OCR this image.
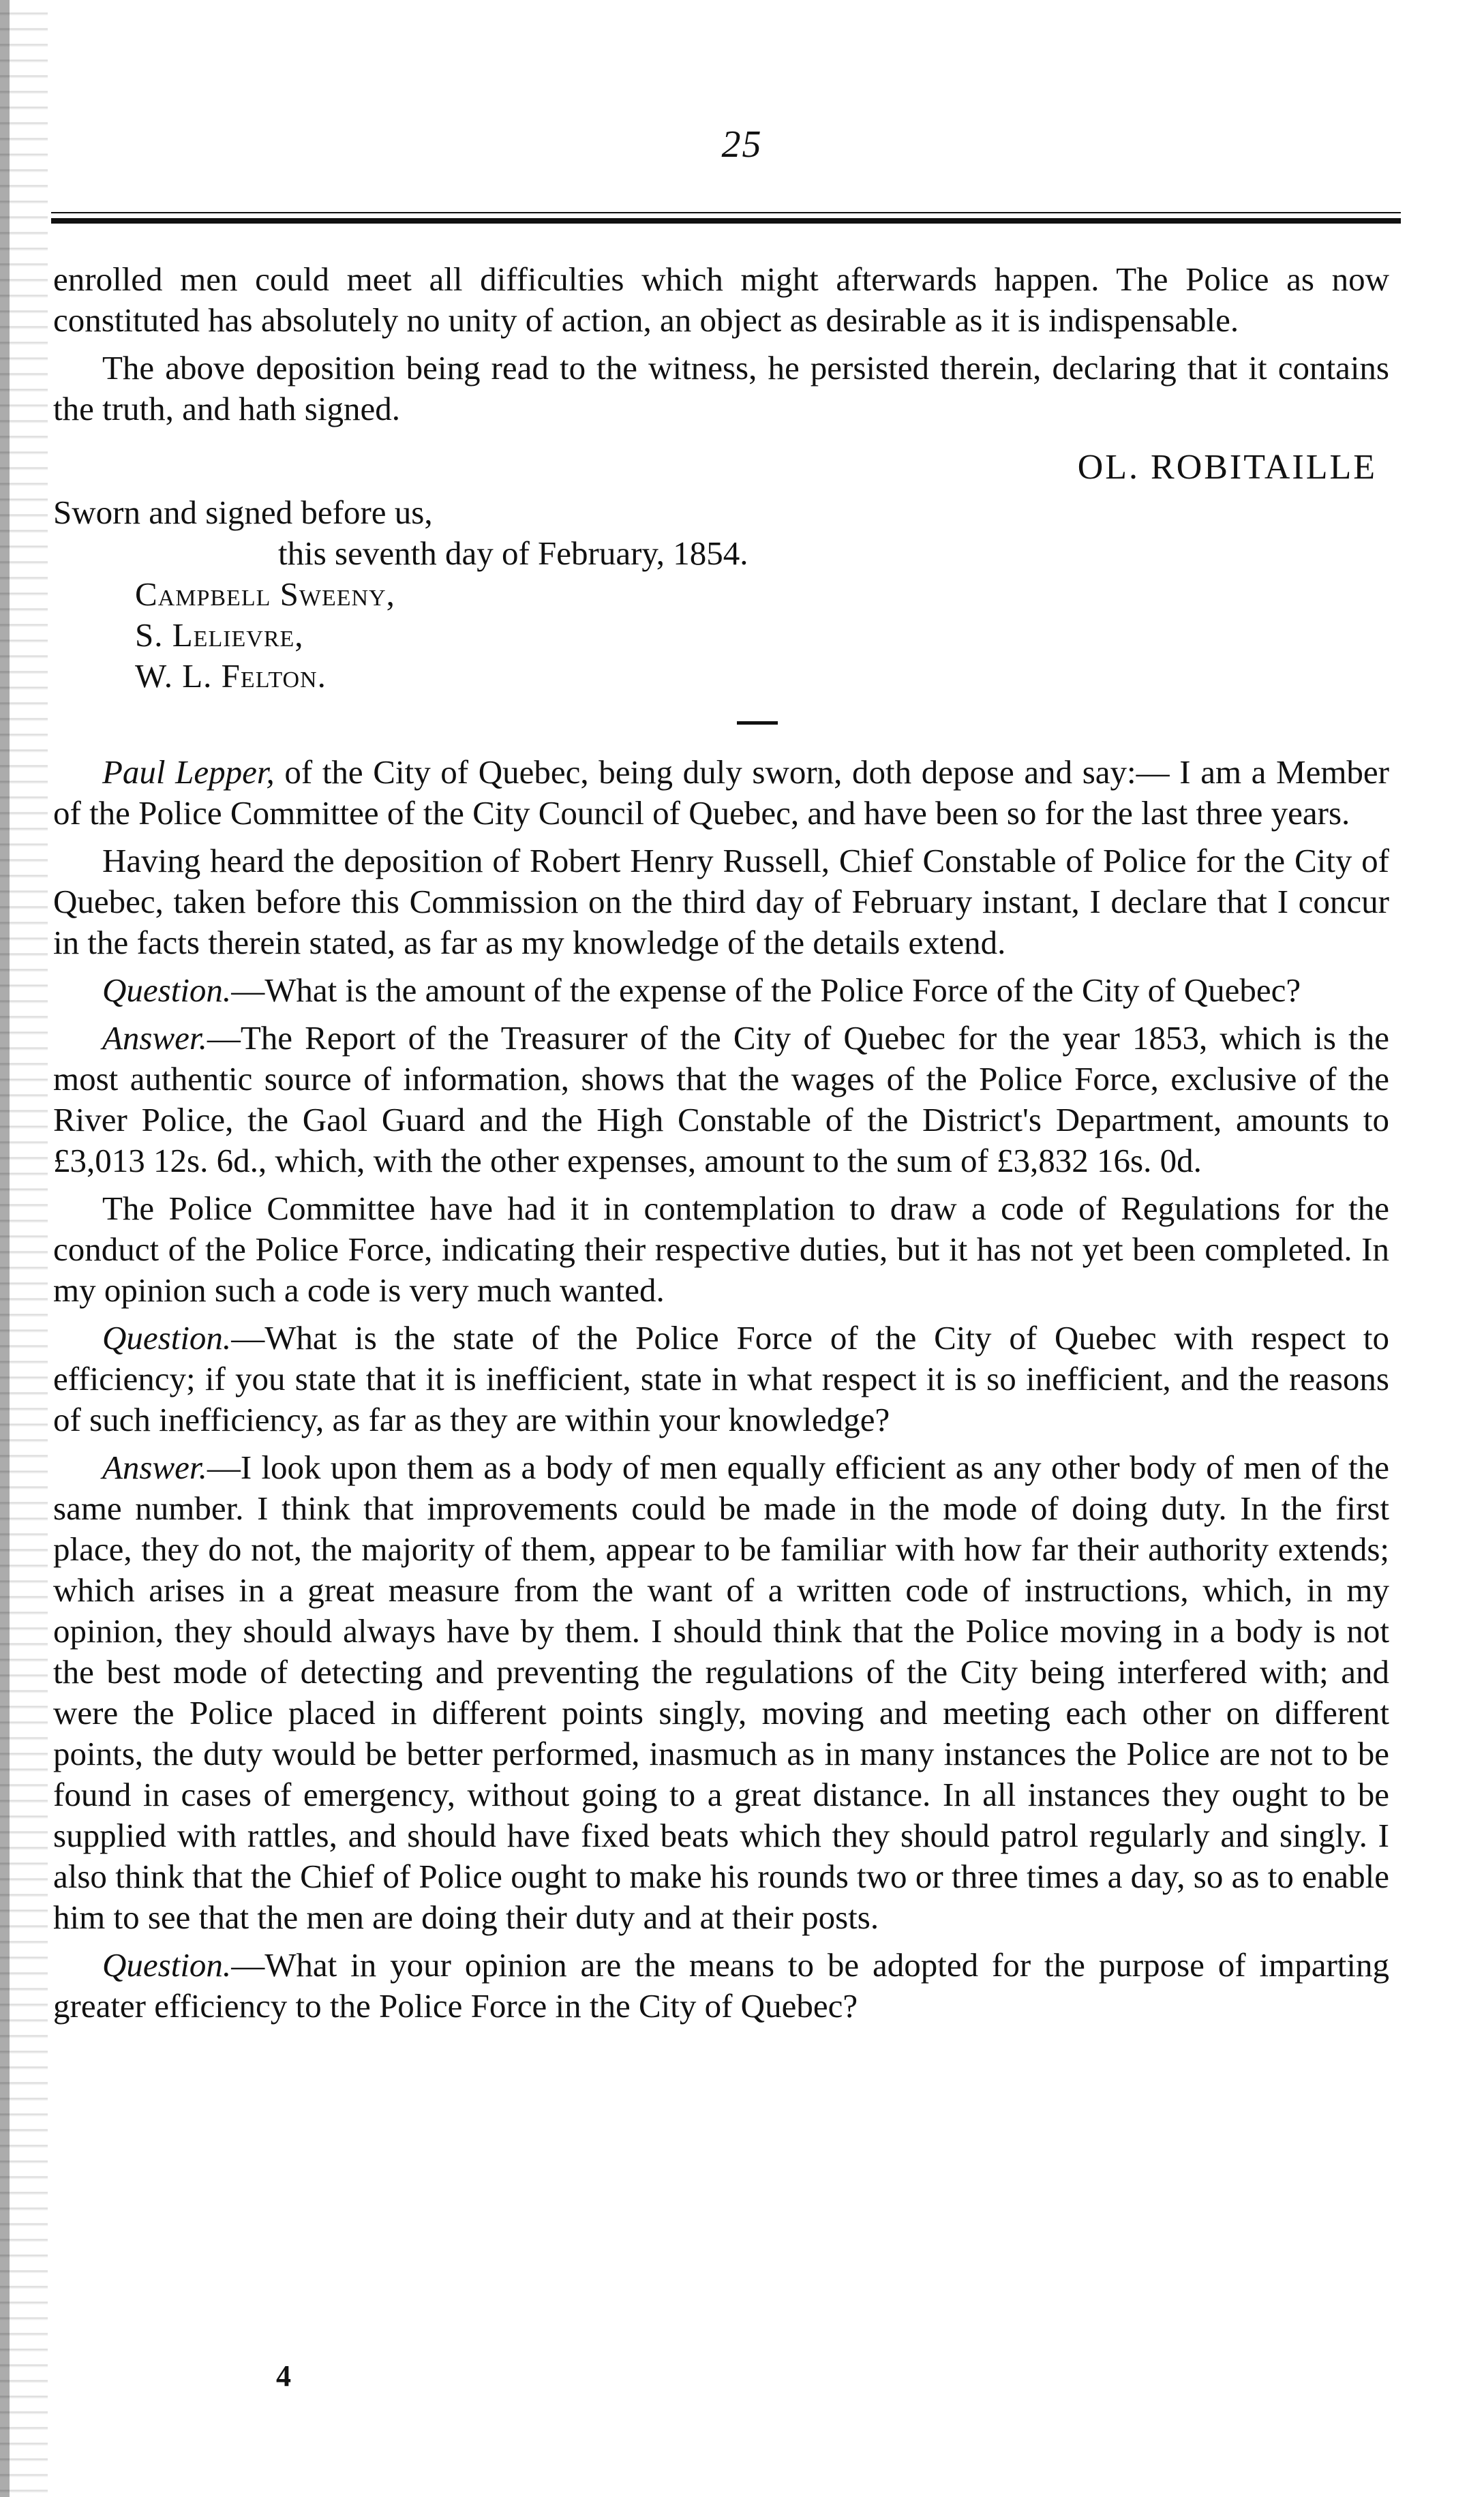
25

enrolled men could meet all difficulties which might afterwards happen. The Police as now constituted has absolutely no unity of action, an object as desirable as it is indispensable.

The above deposition being read to the witness, he persisted therein, declaring that it contains the truth, and hath signed.

OL. ROBITAILLE

Sworn and signed before us,

this seventh day of February, 1854.

Campbell Sweeny,

S. Lelievre,

W. L. Felton.

Paul Lepper, of the City of Quebec, being duly sworn, doth depose and say:— I am a Member of the Police Committee of the City Council of Quebec, and have been so for the last three years.

Having heard the deposition of Robert Henry Russell, Chief Constable of Police for the City of Quebec, taken before this Commission on the third day of February instant, I declare that I concur in the facts therein stated, as far as my knowledge of the details extend.

Question.—What is the amount of the expense of the Police Force of the City of Quebec?

Answer.—The Report of the Treasurer of the City of Quebec for the year 1853, which is the most authentic source of information, shows that the wages of the Police Force, exclusive of the River Police, the Gaol Guard and the High Constable of the District's Department, amounts to £3,013 12s. 6d., which, with the other expenses, amount to the sum of £3,832 16s. 0d.

The Police Committee have had it in contemplation to draw a code of Regulations for the conduct of the Police Force, indicating their respective duties, but it has not yet been completed. In my opinion such a code is very much wanted.

Question.—What is the state of the Police Force of the City of Quebec with respect to efficiency; if you state that it is inefficient, state in what respect it is so inefficient, and the reasons of such inefficiency, as far as they are within your knowledge?

Answer.—I look upon them as a body of men equally efficient as any other body of men of the same number. I think that improvements could be made in the mode of doing duty. In the first place, they do not, the majority of them, appear to be familiar with how far their authority extends; which arises in a great measure from the want of a written code of instructions, which, in my opinion, they should always have by them. I should think that the Police moving in a body is not the best mode of detecting and preventing the regulations of the City being interfered with; and were the Police placed in different points singly, moving and meeting each other on different points, the duty would be better performed, inasmuch as in many instances the Police are not to be found in cases of emergency, without going to a great distance. In all instances they ought to be supplied with rattles, and should have fixed beats which they should patrol regularly and singly. I also think that the Chief of Police ought to make his rounds two or three times a day, so as to enable him to see that the men are doing their duty and at their posts.

Question.—What in your opinion are the means to be adopted for the purpose of imparting greater efficiency to the Police Force in the City of Quebec?

4
